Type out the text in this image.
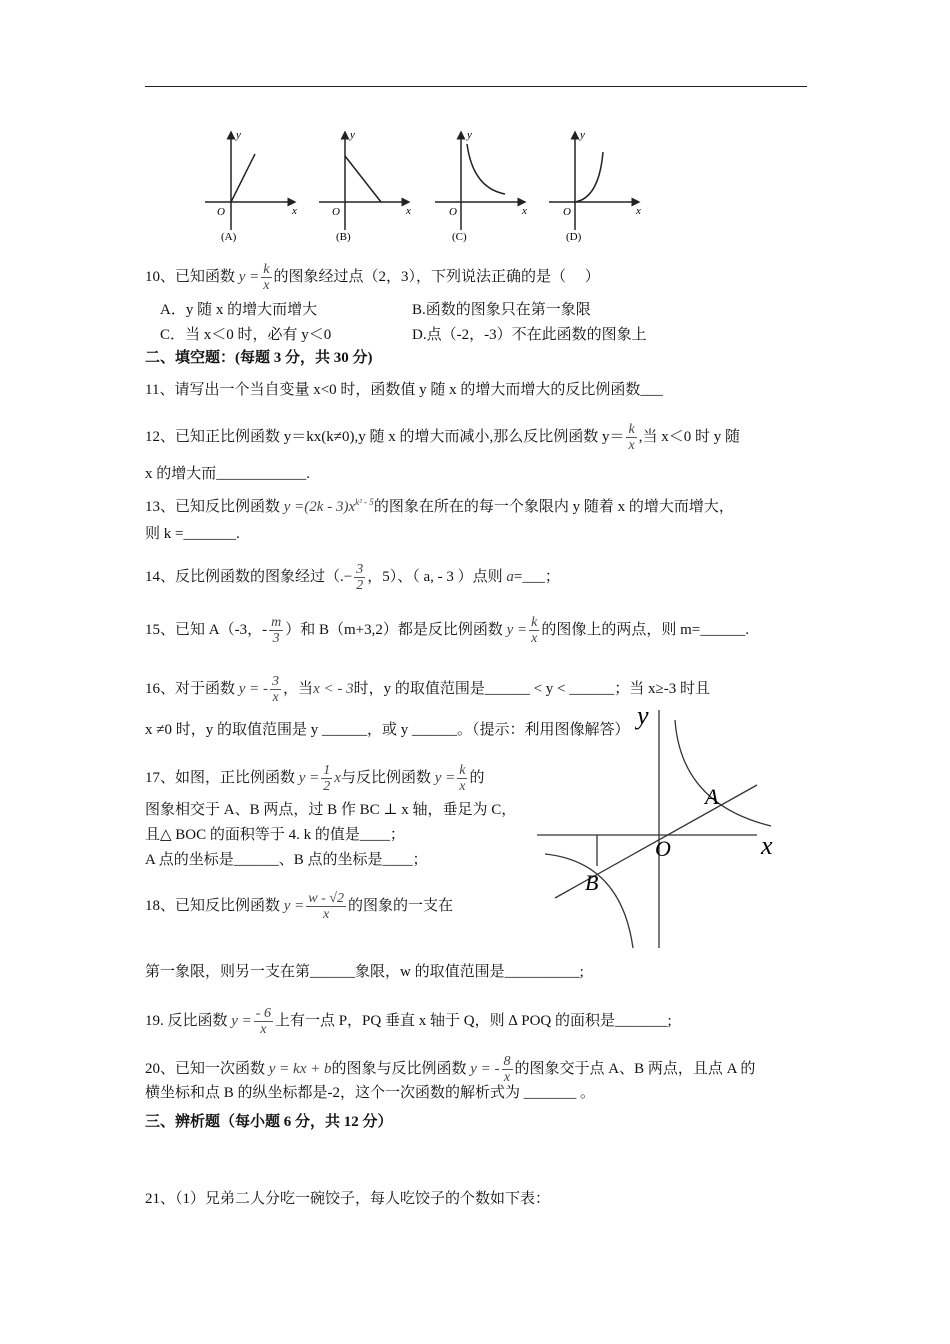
y
x
O
(A)
y
x
O
(B)
y
x
O
(C)
y
x
O
(D)
10、已知函数 $y = \frac{k}{x}$ 的图象经过点（2，3），下列说法正确的是（　 ）
A．y 随 x 的增大而增大	B.函数的图象只在第一象限
C．当 x＜0 时，必有 y＜0	D.点（-2，-3）不在此函数的图象上
二、填空题：(每题 3 分，共 30 分)
11、请写出一个当自变量 x<0 时，函数值 y 随 x 的增大而增大的反比例函数___
12、已知正比例函数 y＝kx(k≠0),y 随 x 的增大而减小,那么反比例函数 $y= \frac{k}{x}$ ,当 x＜0 时 y 随
x 的增大而____________.
13、已知反比例函数 $y =(2k - 3)x^{k^2 - 5}$的图象在所在的每一个象限内 y 随着 x 的增大而增大，
则 k =_______.
14、反比例函数的图象经过（.− $\frac{3}{2}$ ，5）、（ a, - 3 ）点则 a=___；
15、已知 A（-3，- $\frac{m}{3}$ ）和 B（m+3,2）都是反比例函数 $y = \frac{k}{x}$ 的图像上的两点，则 m=______.
16、对于函数 y = - $\frac{3}{x}$ ，当x < - 3时，y 的取值范围是______ < y < ______；当 x≥-3 时且
x ≠0 时，y 的取值范围是 y ______，或 y ______。（提示：利用图像解答）
17、如图，正比例函数 $y = \frac{1}{2}$ x与反比例函数 $y = \frac{k}{x}$ 的
图象相交于 A、B 两点，过 B 作 BC ⊥ x 轴，垂足为 C，
且△ BOC 的面积等于 4. k 的值是____；
A 点的坐标是______、B 点的坐标是____；
y
x
O
A
B
18、已知反比例函数 $y = \frac{w - √2}{x}$ 的图象的一支在
第一象限，则另一支在第______象限，w 的取值范围是__________;
19. 反比函数 $y = \frac{- 6}{x}$ 上有一点 P，PQ 垂直 x 轴于 Q，则 ∆ POQ 的面积是_______;
20、已知一次函数 y = kx + b的图象与反比例函数 y = - $\frac{8}{x}$ 的图象交于点 A、B 两点，且点 A 的
横坐标和点 B 的纵坐标都是-2，这个一次函数的解析式为 _______ 。
三、辨析题（每小题 6 分，共 12 分）
21、（1）兄弟二人分吃一碗饺子，每人吃饺子的个数如下表：
